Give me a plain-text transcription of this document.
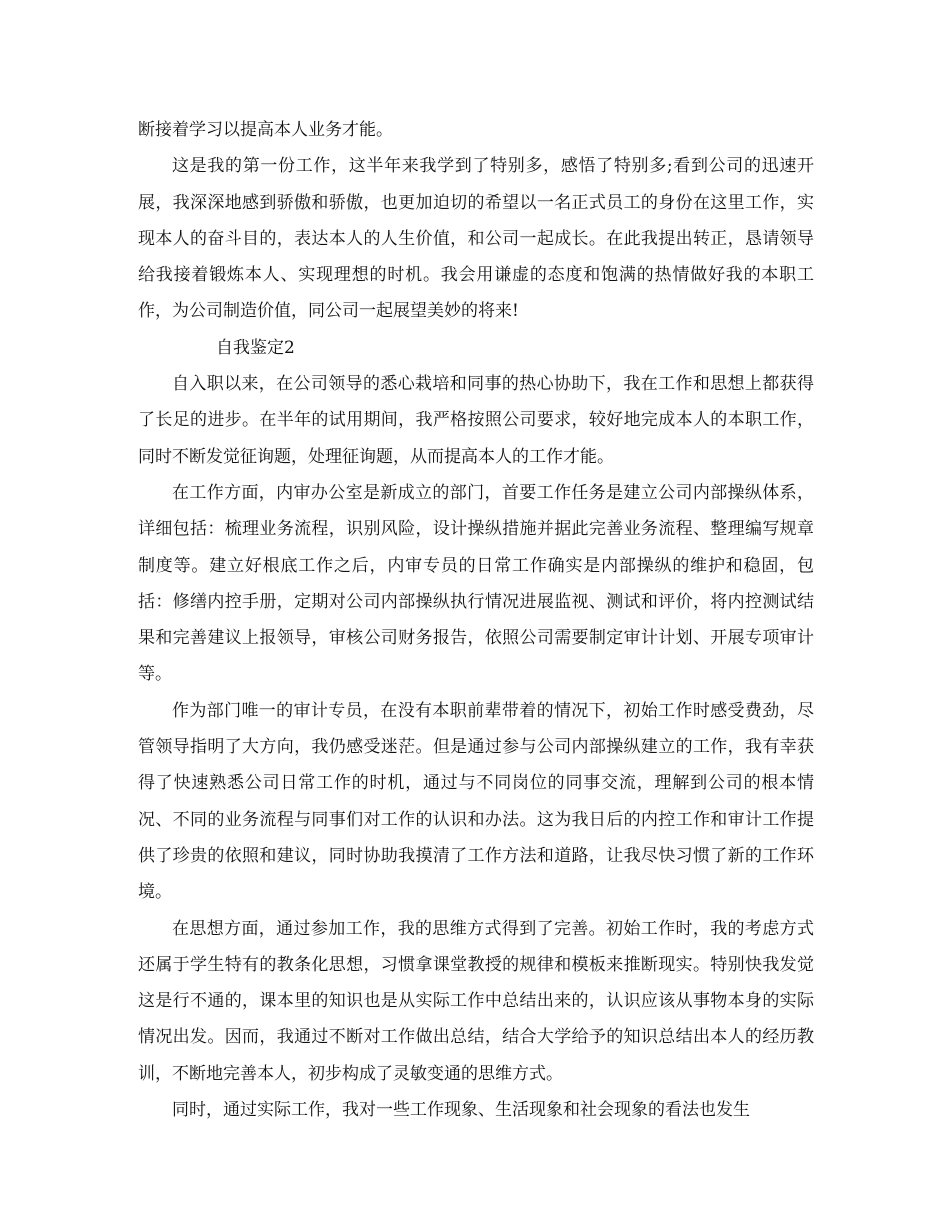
断接着学习以提高本人业务才能。

这是我的第一份工作，这半年来我学到了特别多，感悟了特别多;看到公司的迅速开展，我深深地感到骄傲和骄傲，也更加迫切的希望以一名正式员工的身份在这里工作，实现本人的奋斗目的，表达本人的人生价值，和公司一起成长。在此我提出转正，恳请领导给我接着锻炼本人、实现理想的时机。我会用谦虚的态度和饱满的热情做好我的本职工作，为公司制造价值，同公司一起展望美妙的将来!

自我鉴定2

自入职以来，在公司领导的悉心栽培和同事的热心协助下，我在工作和思想上都获得了长足的进步。在半年的试用期间，我严格按照公司要求，较好地完成本人的本职工作，同时不断发觉征询题，处理征询题，从而提高本人的工作才能。

在工作方面，内审办公室是新成立的部门，首要工作任务是建立公司内部操纵体系，详细包括：梳理业务流程，识别风险，设计操纵措施并据此完善业务流程、整理编写规章制度等。建立好根底工作之后，内审专员的日常工作确实是内部操纵的维护和稳固，包括：修缮内控手册，定期对公司内部操纵执行情况进展监视、测试和评价，将内控测试结果和完善建议上报领导，审核公司财务报告，依照公司需要制定审计计划、开展专项审计等。

作为部门唯一的审计专员，在没有本职前辈带着的情况下，初始工作时感受费劲，尽管领导指明了大方向，我仍感受迷茫。但是通过参与公司内部操纵建立的工作，我有幸获得了快速熟悉公司日常工作的时机，通过与不同岗位的同事交流，理解到公司的根本情况、不同的业务流程与同事们对工作的认识和办法。这为我日后的内控工作和审计工作提供了珍贵的依照和建议，同时协助我摸清了工作方法和道路，让我尽快习惯了新的工作环境。

在思想方面，通过参加工作，我的思维方式得到了完善。初始工作时，我的考虑方式还属于学生特有的教条化思想，习惯拿课堂教授的规律和模板来推断现实。特别快我发觉这是行不通的，课本里的知识也是从实际工作中总结出来的，认识应该从事物本身的实际情况出发。因而，我通过不断对工作做出总结，结合大学给予的知识总结出本人的经历教训，不断地完善本人，初步构成了灵敏变通的思维方式。

同时，通过实际工作，我对一些工作现象、生活现象和社会现象的看法也发生
